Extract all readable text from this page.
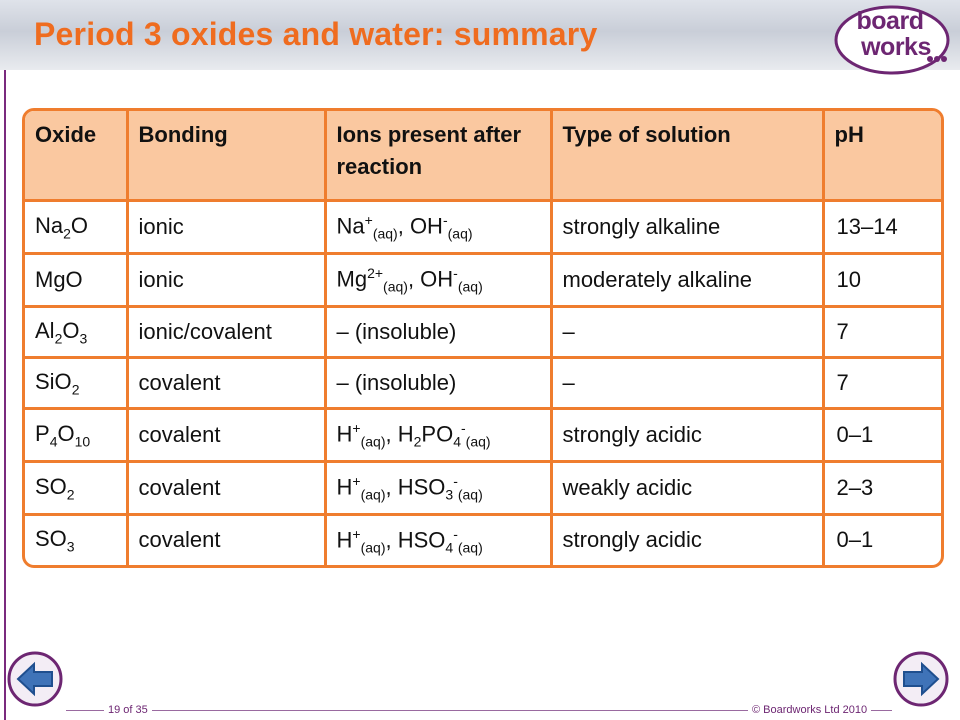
Period 3 oxides and water: summary	board
works
Oxide	Bonding	Ions present after reaction	Type of solution	pH
$Na_2O$	ionic	$Na^+_{(aq)}$, $OH^-_{(aq)}$	strongly alkaline	13–14
MgO	ionic	$Mg^{2+}_{(aq)}$, $OH^-_{(aq)}$	moderately alkaline	10
$Al_2O_3$	ionic/covalent	– (insoluble)	–	7
SiO$_2$	covalent	– (insoluble)	–	7
$P_4O_{10}$	covalent	$H^+_{(aq)}$, $H_2PO_4^-_{(aq)}$	strongly acidic	0–1
$SO_2$	covalent	$H^+_{(aq)}$, $HSO_3^-_{(aq)}$	weakly acidic	2–3
$SO_3$	covalent	$H^+_{(aq)}$, $HSO_4^-_{(aq)}$	strongly acidic	0–1
19 of 35	© Boardworks Ltd 2010
